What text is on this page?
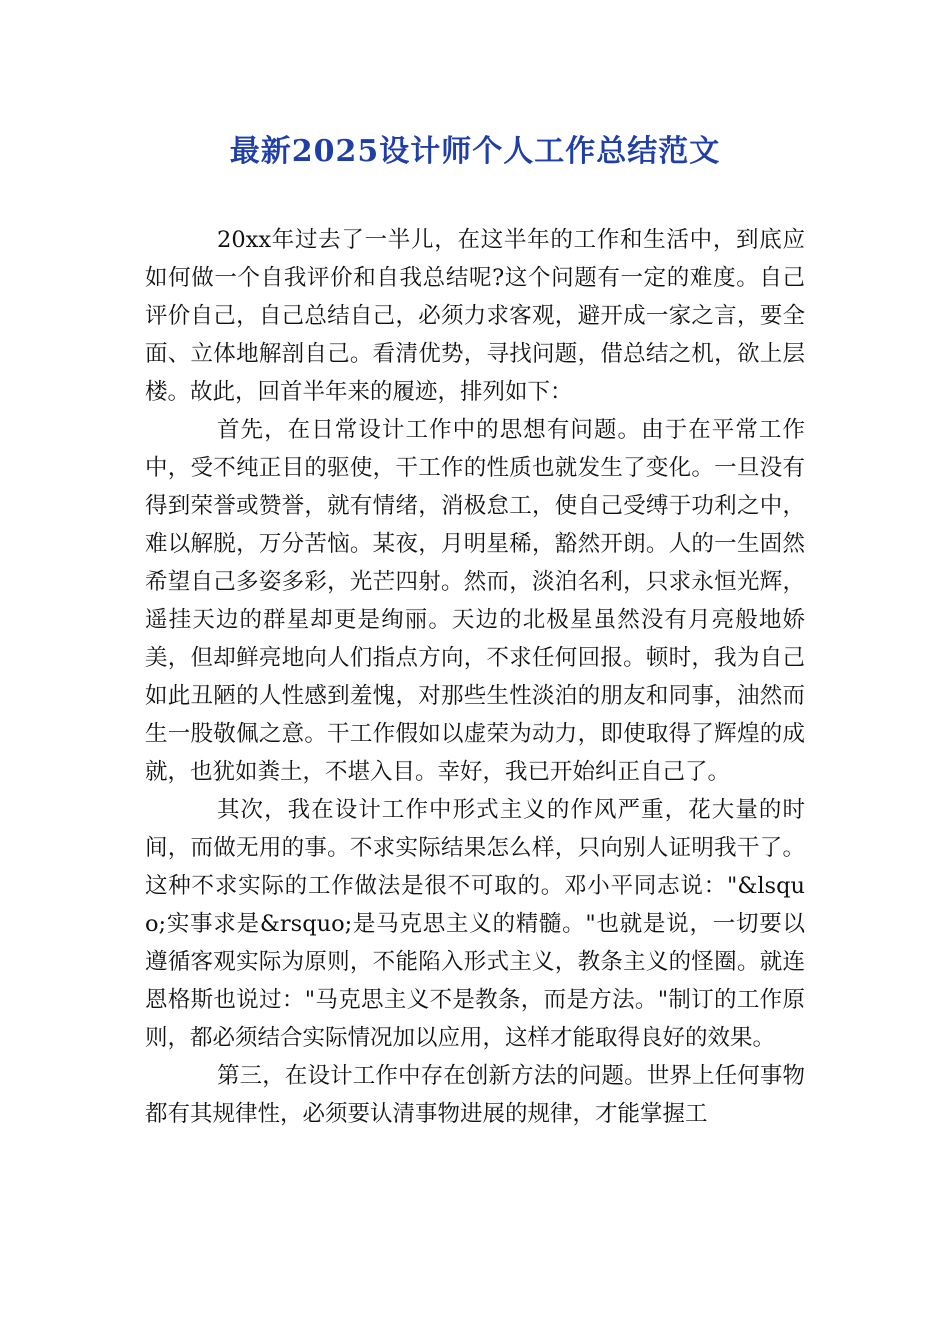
最新2025设计师个人工作总结范文

20xx年过去了一半儿，在这半年的工作和生活中，到底应如何做一个自我评价和自我总结呢?这个问题有一定的难度。自己评价自己，自己总结自己，必须力求客观，避开成一家之言，要全面、立体地解剖自己。看清优势，寻找问题，借总结之机，欲上层楼。故此，回首半年来的履迹，排列如下：

首先，在日常设计工作中的思想有问题。由于在平常工作中，受不纯正目的驱使，干工作的性质也就发生了变化。一旦没有得到荣誉或赞誉，就有情绪，消极怠工，使自己受缚于功利之中，难以解脱，万分苦恼。某夜，月明星稀，豁然开朗。人的一生固然希望自己多姿多彩，光芒四射。然而，淡泊名利，只求永恒光辉，遥挂天边的群星却更是绚丽。天边的北极星虽然没有月亮般地娇美，但却鲜亮地向人们指点方向，不求任何回报。顿时，我为自己如此丑陋的人性感到羞愧，对那些生性淡泊的朋友和同事，油然而生一股敬佩之意。干工作假如以虚荣为动力，即使取得了辉煌的成就，也犹如粪土，不堪入目。幸好，我已开始纠正自己了。

其次，我在设计工作中形式主义的作风严重，花大量的时间，而做无用的事。不求实际结果怎么样，只向别人证明我干了。这种不求实际的工作做法是很不可取的。邓小平同志说："&lsquo;实事求是&rsquo;是马克思主义的精髓。"也就是说，一切要以遵循客观实际为原则，不能陷入形式主义，教条主义的怪圈。就连恩格斯也说过："马克思主义不是教条，而是方法。"制订的工作原则，都必须结合实际情况加以应用，这样才能取得良好的效果。

第三，在设计工作中存在创新方法的问题。世界上任何事物都有其规律性，必须要认清事物进展的规律，才能掌握工
